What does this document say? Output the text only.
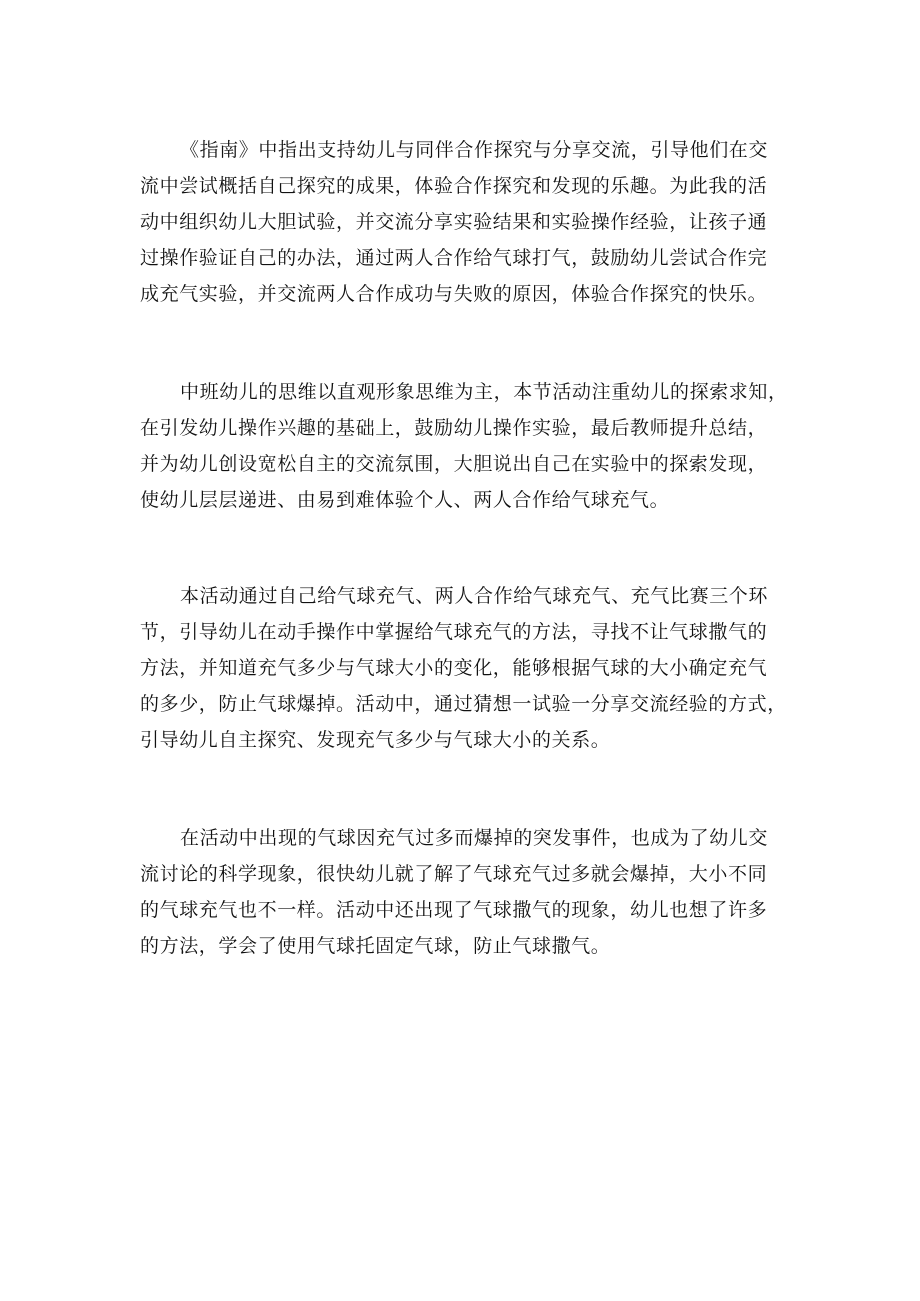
《指南》中指出支持幼儿与同伴合作探究与分享交流，引导他们在交
流中尝试概括自己探究的成果，体验合作探究和发现的乐趣。为此我的活
动中组织幼儿大胆试验，并交流分享实验结果和实验操作经验，让孩子通
过操作验证自己的办法，通过两人合作给气球打气，鼓励幼儿尝试合作完
成充气实验，并交流两人合作成功与失败的原因，体验合作探究的快乐。
中班幼儿的思维以直观形象思维为主，本节活动注重幼儿的探索求知，
在引发幼儿操作兴趣的基础上，鼓励幼儿操作实验，最后教师提升总结，
并为幼儿创设宽松自主的交流氛围，大胆说出自己在实验中的探索发现，
使幼儿层层递进、由易到难体验个人、两人合作给气球充气。
本活动通过自己给气球充气、两人合作给气球充气、充气比赛三个环
节，引导幼儿在动手操作中掌握给气球充气的方法，寻找不让气球撒气的
方法，并知道充气多少与气球大小的变化，能够根据气球的大小确定充气
的多少，防止气球爆掉。活动中，通过猜想一试验一分享交流经验的方式，
引导幼儿自主探究、发现充气多少与气球大小的关系。
在活动中出现的气球因充气过多而爆掉的突发事件，也成为了幼儿交
流讨论的科学现象，很快幼儿就了解了气球充气过多就会爆掉，大小不同
的气球充气也不一样。活动中还出现了气球撒气的现象，幼儿也想了许多
的方法，学会了使用气球托固定气球，防止气球撒气。
